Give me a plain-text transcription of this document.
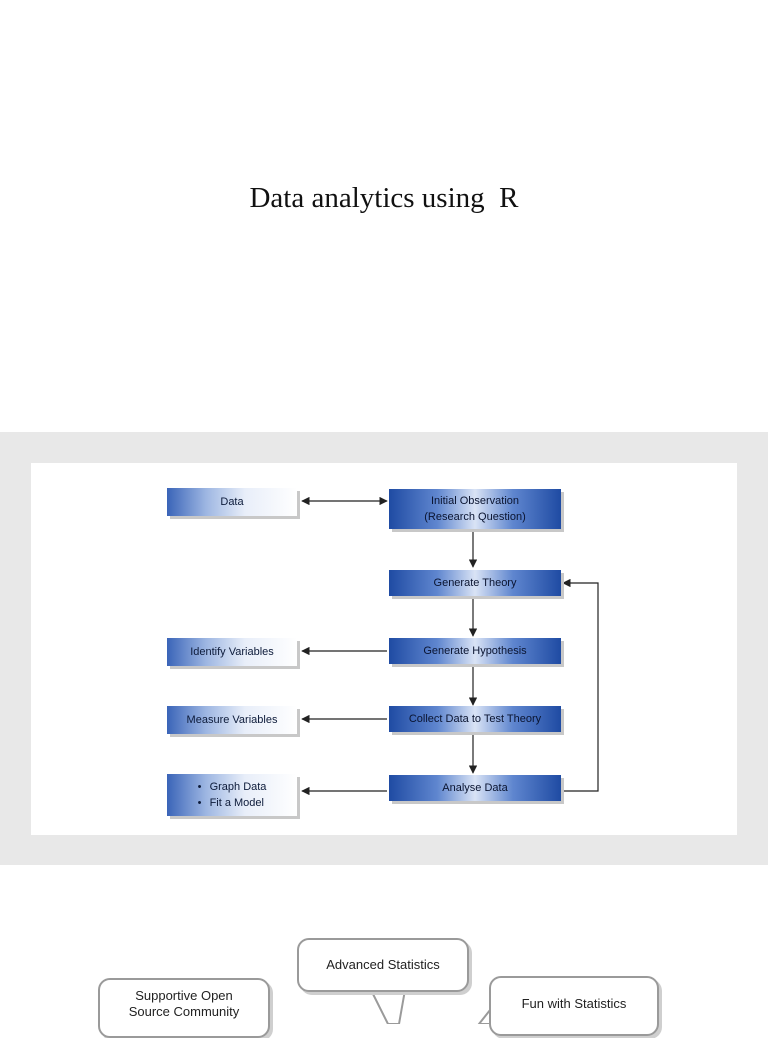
Data analytics using  R
Data	Initial Observation
(Research Question)
Generate Theory
Generate Hypothesis
Identify Variables
Collect Data to Test Theory
Measure Variables
Analyse Data
• Graph Data
• Fit a Model
Advanced Statistics
Supportive Open
Source Community
Fun with Statistics
